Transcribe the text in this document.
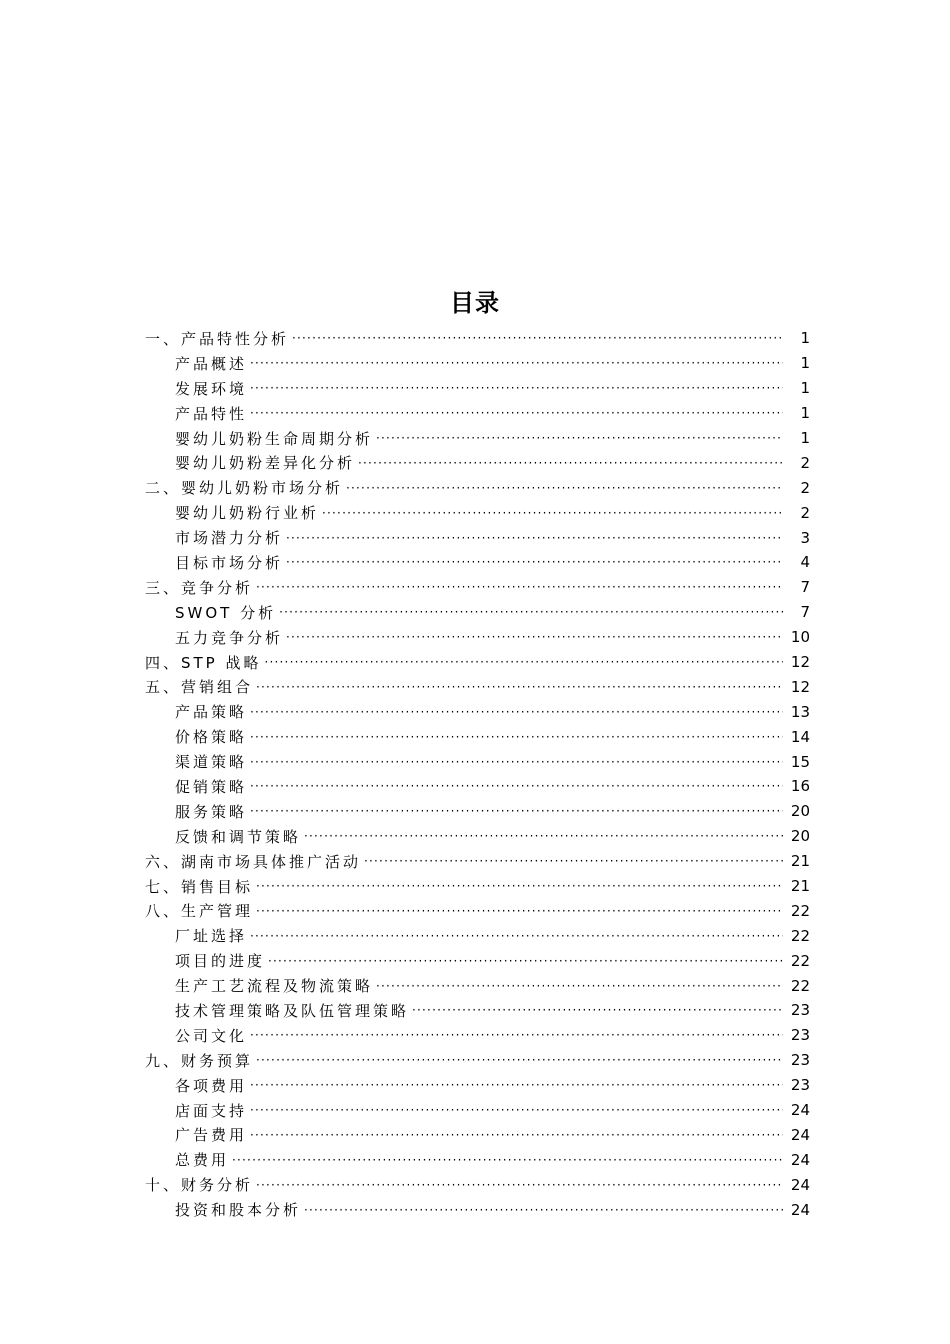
目录
一、产品特性分析 ·····	1
产品概述 ·····	1
发展环境 ·····	1
产品特性 ·····	1
婴幼儿奶粉生命周期分析 ·····	1
婴幼儿奶粉差异化分析 ·····	2
二、婴幼儿奶粉市场分析 ·····	2
婴幼儿奶粉行业析 ·····	2
市场潜力分析 ·····	3
目标市场分析 ·····	4
三、竞争分析 ·····	7
SWOT 分析 ·····	7
五力竞争分析 ·····	10
四、STP 战略 ·····	12
五、营销组合 ·····	12
产品策略 ·····	13
价格策略 ·····	14
渠道策略 ·····	15
促销策略 ·····	16
服务策略 ·····	20
反馈和调节策略 ·····	20
六、湖南市场具体推广活动 ·····	21
七、销售目标 ·····	21
八、生产管理 ·····	22
厂址选择 ·····	22
项目的进度 ·····	22
生产工艺流程及物流策略 ·····	22
技术管理策略及队伍管理策略 ·····	23
公司文化 ·····	23
九、财务预算 ·····	23
各项费用 ·····	23
店面支持 ·····	24
广告费用 ·····	24
总费用 ·····	24
十、财务分析 ·····	24
投资和股本分析 ·····	24
